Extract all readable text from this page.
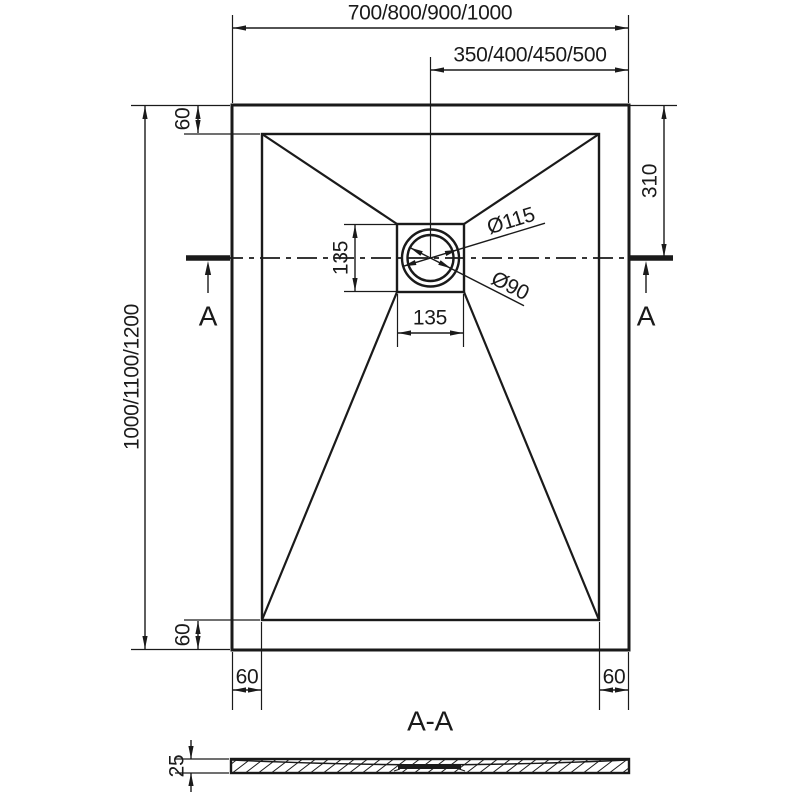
A	A
700/800/900/1000
350/400/450/500
1000/1100/1200
60
60
60	60
310
135
135
Ø115
Ø90
A-A
25
